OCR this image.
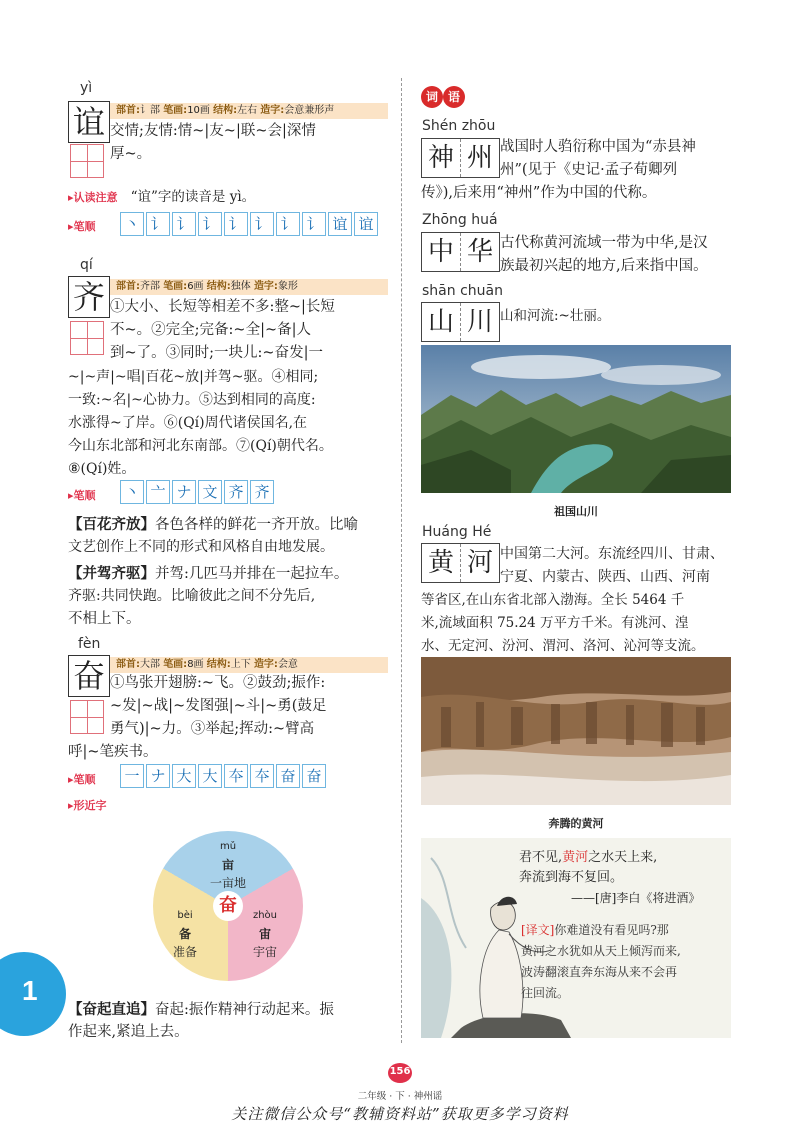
yì
谊	部首:讠部 笔画:10画 结构:左右 造字:会意兼形声
交情;友情:情~|友~|联~会|深情
厚~。
▸认读注意 “谊”字的读音是 yì。
▸笔顺 丶 讠 讠 讠 讠 讠 讠 讠 谊 谊
qí
齐	部首:齐部 笔画:6画 结构:独体 造字:象形
①大小、长短等相差不多:整~|长短
不~。②完全;完备:~全|~备|人
到~了。③同时;一块儿:~奋发|一
~|~声|~唱|百花~放|并驾~驱。④相同;
一致:~名|~心协力。⑤达到相同的高度:
水涨得~了岸。⑥(Qí)周代诸侯国名,在
今山东北部和河北东南部。⑦(Qí)朝代名。
⑧(Qí)姓。
▸笔顺 丶 亠 ナ 文 齐 齐
【百花齐放】各色各样的鲜花一齐开放。比喻
文艺创作上不同的形式和风格自由地发展。
【并驾齐驱】并驾:几匹马并排在一起拉车。
齐驱:共同快跑。比喻彼此之间不分先后,
不相上下。
fèn
奋	部首:大部 笔画:8画 结构:上下 造字:会意
①鸟张开翅膀:~飞。②鼓劲;振作:
~发|~战|~发图强|~斗|~勇(鼓足
勇气)|~力。③举起;挥动:~臂高
呼|~笔疾书。
▸笔顺 一 ナ 大 大 夲 夲 奋 奋
▸形近字
奋
mǔ
亩
一亩地
bèi
备
准备
zhòu
宙
宇宙
【奋起直追】奋起:振作精神行动起来。振
作起来,紧追上去。
1
词 语
Shén zhōu
神 州 战国时人驺衍称中国为“赤县神
州”(见于《史记·孟子荀卿列
传》),后来用“神州”作为中国的代称。
Zhōng huá
中 华 古代称黄河流域一带为中华,是汉
族最初兴起的地方,后来指中国。
shān chuān
山 川 山和河流:~壮丽。
祖国山川
Huáng Hé
黄 河 中国第二大河。东流经四川、甘肃、
宁夏、内蒙古、陕西、山西、河南
等省区,在山东省北部入渤海。全长 5464 千
米,流域面积 75.24 万平方千米。有洮河、湟
水、无定河、汾河、渭河、洛河、沁河等支流。
奔腾的黄河
君不见,黄河之水天上来,
奔流到海不复回。
——[唐]李白《将进酒》
[译文]你难道没有看见吗?那
黄河之水犹如从天上倾泻而来,
波涛翻滚直奔东海从来不会再
往回流。
156
二年级 · 下 · 神州谣
关注微信公众号“教辅资料站”获取更多学习资料
